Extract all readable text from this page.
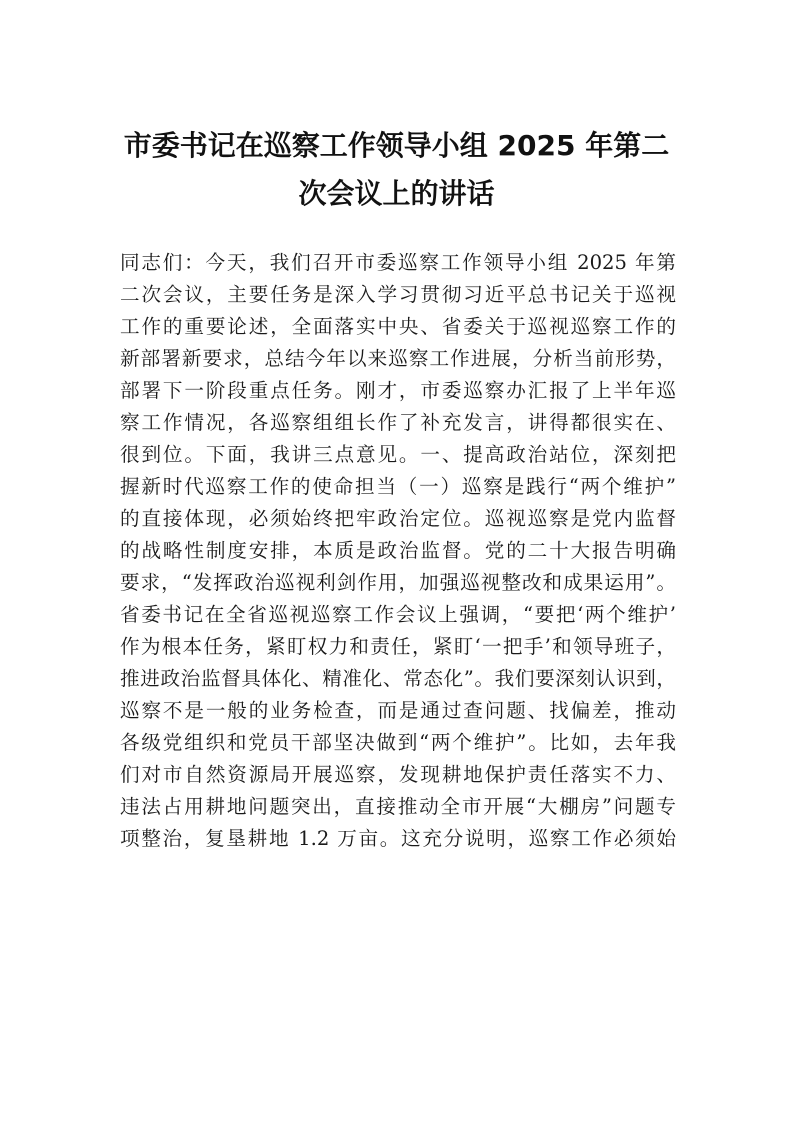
市委书记在巡察工作领导小组 2025 年第二
次会议上的讲话
同志们：今天，我们召开市委巡察工作领导小组 2025 年第
二次会议，主要任务是深入学习贯彻习近平总书记关于巡视
工作的重要论述，全面落实中央、省委关于巡视巡察工作的
新部署新要求，总结今年以来巡察工作进展，分析当前形势，
部署下一阶段重点任务。刚才，市委巡察办汇报了上半年巡
察工作情况，各巡察组组长作了补充发言，讲得都很实在、
很到位。下面，我讲三点意见。一、提高政治站位，深刻把
握新时代巡察工作的使命担当（一）巡察是践行“两个维护”
的直接体现，必须始终把牢政治定位。巡视巡察是党内监督
的战略性制度安排，本质是政治监督。党的二十大报告明确
要求，“发挥政治巡视利剑作用，加强巡视整改和成果运用”。
省委书记在全省巡视巡察工作会议上强调，“要把‘两个维护’
作为根本任务，紧盯权力和责任，紧盯‘一把手’和领导班子，
推进政治监督具体化、精准化、常态化”。我们要深刻认识到，
巡察不是一般的业务检查，而是通过查问题、找偏差，推动
各级党组织和党员干部坚决做到“两个维护”。比如，去年我
们对市自然资源局开展巡察，发现耕地保护责任落实不力、
违法占用耕地问题突出，直接推动全市开展“大棚房”问题专
项整治，复垦耕地 1.2 万亩。这充分说明，巡察工作必须始
